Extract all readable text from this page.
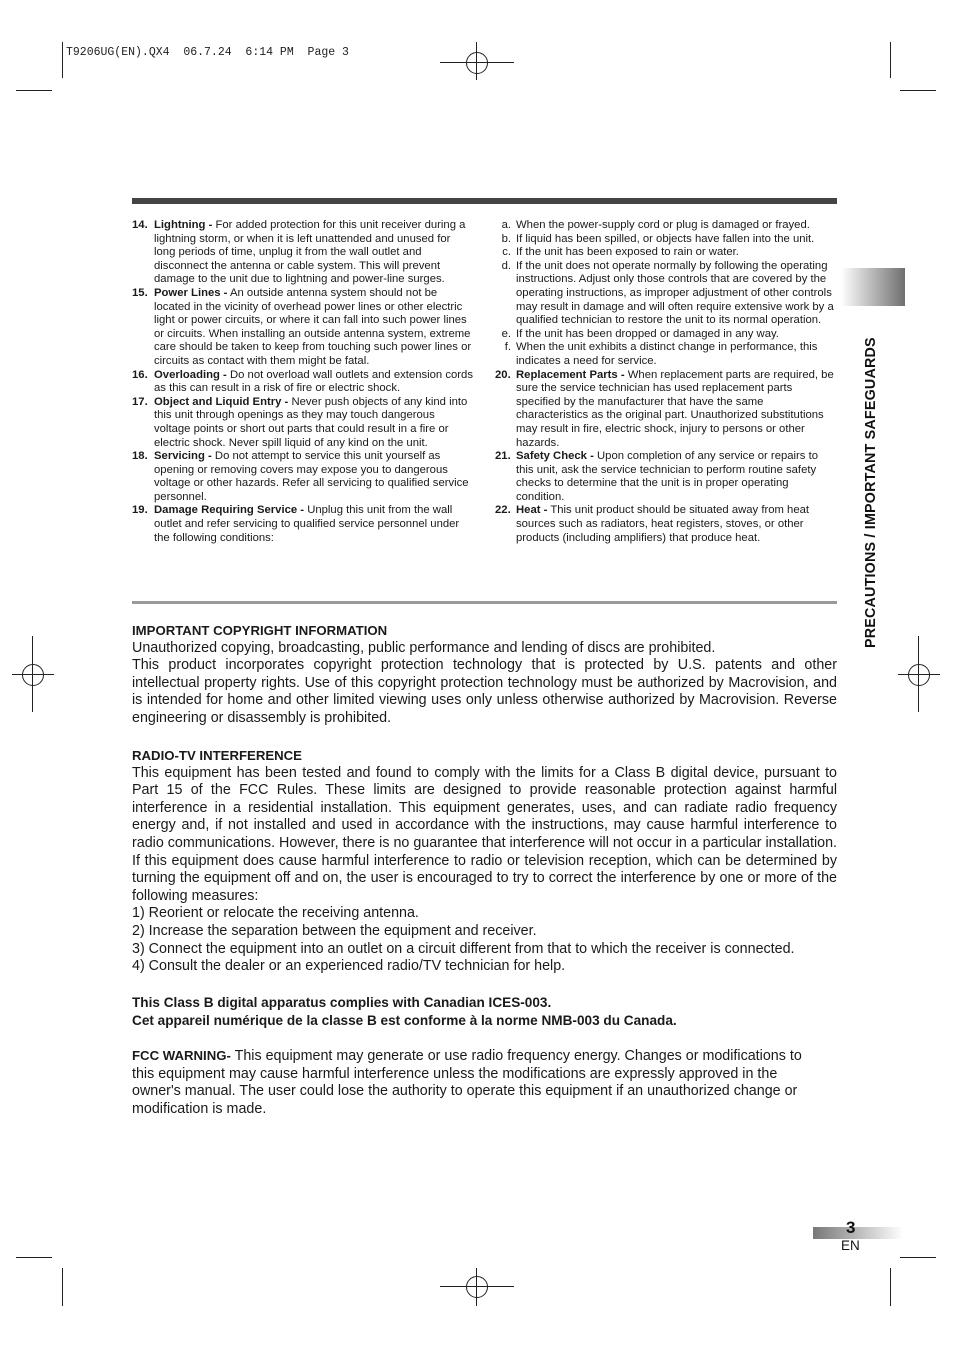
T9206UG(EN).QX4  06.7.24  6:14 PM  Page 3

14. Lightning - For added protection for this unit receiver during a lightning storm, or when it is left unattended and unused for long periods of time, unplug it from the wall outlet and disconnect the antenna or cable system. This will prevent damage to the unit due to lightning and power-line surges.

15. Power Lines - An outside antenna system should not be located in the vicinity of overhead power lines or other electric light or power circuits, or where it can fall into such power lines or circuits. When installing an outside antenna system, extreme care should be taken to keep from touching such power lines or circuits as contact with them might be fatal.

16. Overloading - Do not overload wall outlets and extension cords as this can result in a risk of fire or electric shock.

17. Object and Liquid Entry - Never push objects of any kind into this unit through openings as they may touch dangerous voltage points or short out parts that could result in a fire or electric shock. Never spill liquid of any kind on the unit.

18. Servicing - Do not attempt to service this unit yourself as opening or removing covers may expose you to dangerous voltage or other hazards. Refer all servicing to qualified service personnel.

19. Damage Requiring Service - Unplug this unit from the wall outlet and refer servicing to qualified service personnel under the following conditions:

a. When the power-supply cord or plug is damaged or frayed.

b. If liquid has been spilled, or objects have fallen into the unit.

c. If the unit has been exposed to rain or water.

d. If the unit does not operate normally by following the operating instructions. Adjust only those controls that are covered by the operating instructions, as improper adjustment of other controls may result in damage and will often require extensive work by a qualified technician to restore the unit to its normal operation.

e. If the unit has been dropped or damaged in any way.

f. When the unit exhibits a distinct change in performance, this indicates a need for service.

20. Replacement Parts - When replacement parts are required, be sure the service technician has used replacement parts specified by the manufacturer that have the same characteristics as the original part. Unauthorized substitutions may result in fire, electric shock, injury to persons or other hazards.

21. Safety Check - Upon completion of any service or repairs to this unit, ask the service technician to perform routine safety checks to determine that the unit is in proper operating condition.

22. Heat - This unit product should be situated away from heat sources such as radiators, heat registers, stoves, or other products (including amplifiers) that produce heat.	PRECAUTIONS / IMPORTANT SAFEGUARDS

IMPORTANT COPYRIGHT INFORMATION

Unauthorized copying, broadcasting, public performance and lending of discs are prohibited.

This product incorporates copyright protection technology that is protected by U.S. patents and other intellectual property rights. Use of this copyright protection technology must be authorized by Macrovision, and is intended for home and other limited viewing uses only unless otherwise authorized by Macrovision. Reverse engineering or disassembly is prohibited.

RADIO-TV INTERFERENCE

This equipment has been tested and found to comply with the limits for a Class B digital device, pursuant to Part 15 of the FCC Rules. These limits are designed to provide reasonable protection against harmful interference in a residential installation. This equipment generates, uses, and can radiate radio frequency energy and, if not installed and used in accordance with the instructions, may cause harmful interference to radio communications. However, there is no guarantee that interference will not occur in a particular installation. If this equipment does cause harmful interference to radio or television reception, which can be determined by turning the equipment off and on, the user is encouraged to try to correct the interference by one or more of the following measures:

1) Reorient or relocate the receiving antenna.

2) Increase the separation between the equipment and receiver.

3) Connect the equipment into an outlet on a circuit different from that to which the receiver is connected.

4) Consult the dealer or an experienced radio/TV technician for help.

This Class B digital apparatus complies with Canadian ICES-003.

Cet appareil numérique de la classe B est conforme à la norme NMB-003 du Canada.

FCC WARNING- This equipment may generate or use radio frequency energy. Changes or modifications to this equipment may cause harmful interference unless the modifications are expressly approved in the owner's manual. The user could lose the authority to operate this equipment if an unauthorized change or modification is made.

3
EN
